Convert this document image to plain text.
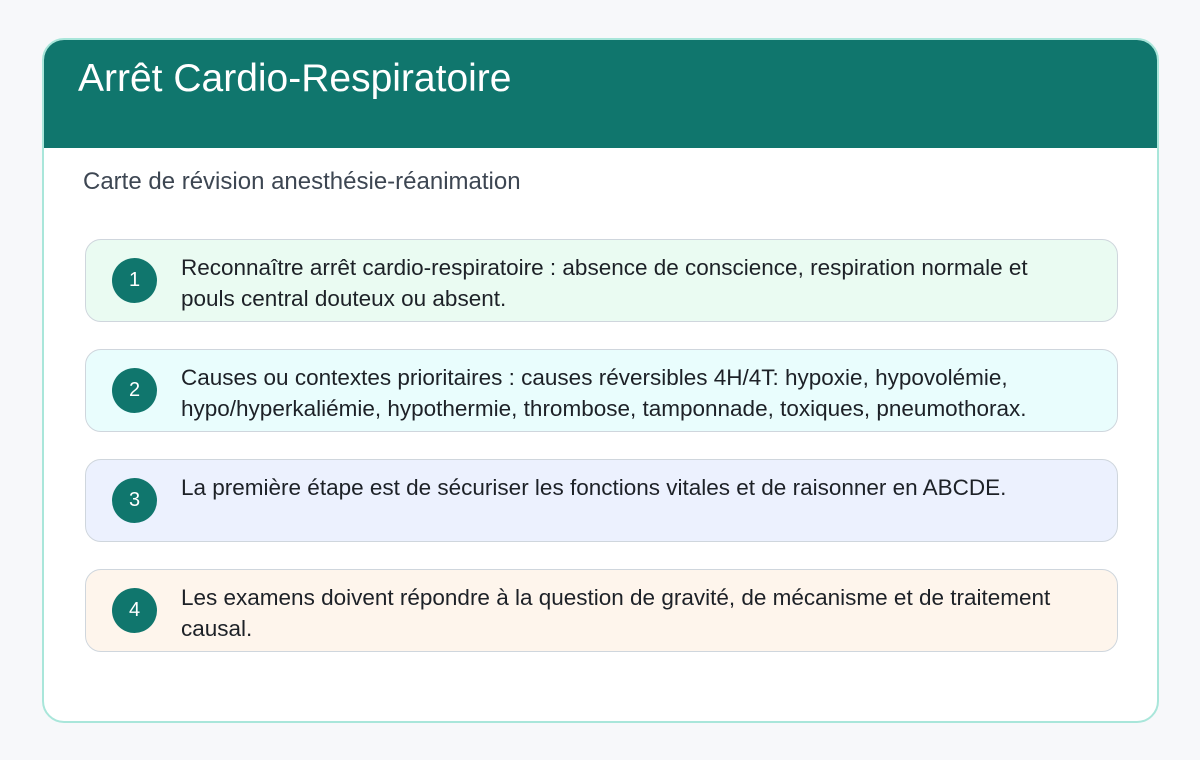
Arrêt Cardio-Respiratoire

Carte de révision anesthésie-réanimation

1	Reconnaître arrêt cardio-respiratoire : absence de conscience, respiration normale et pouls central douteux ou absent.

2	Causes ou contextes prioritaires : causes réversibles 4H/4T: hypoxie, hypovolémie, hypo/hyperkaliémie, hypothermie, thrombose, tamponnade, toxiques, pneumothorax.

3	La première étape est de sécuriser les fonctions vitales et de raisonner en ABCDE.

4	Les examens doivent répondre à la question de gravité, de mécanisme et de traitement causal.
